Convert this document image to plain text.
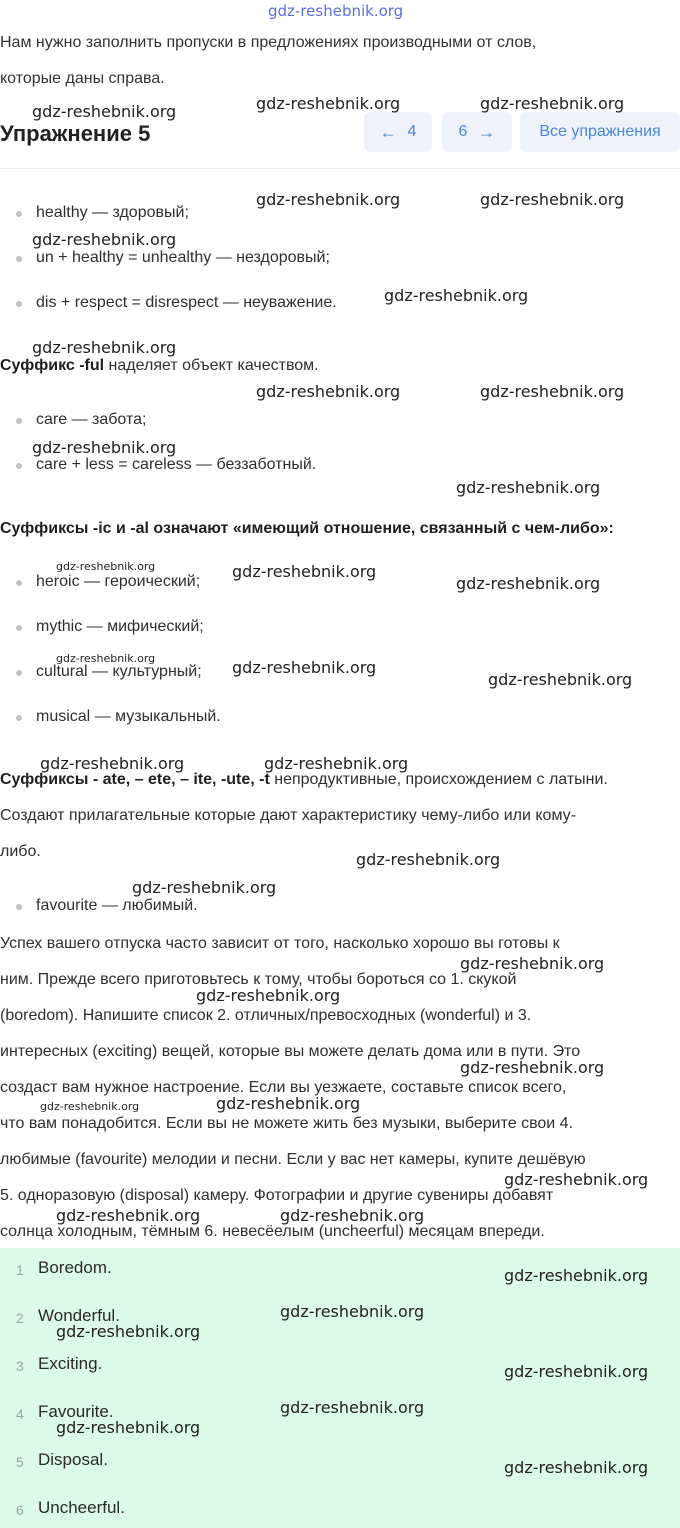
Нам нужно заполнить пропуски в предложениях производными от слов,
которые даны справа.
Упражнение 5	← 4	6 →	Все упражнения
healthy — здоровый;
un + healthy = unhealthy — нездоровый;
dis + respect = disrespect — неуважение.
Суффикс -ful наделяет объект качеством.
care — забота;
care + less = careless — беззаботный.
Суффиксы -ic и -al означают «имеющий отношение, связанный с чем-либо»:
heroic — героический;
mythic — мифический;
cultural — культурный;
musical — музыкальный.
Суффиксы - ate, – ete, – ite, -ute, -t непродуктивные, происхождением с латыни.
Создают прилагательные которые дают характеристику чему-либо или кому-
либо.
favourite — любимый.
Успех вашего отпуска часто зависит от того, насколько хорошо вы готовы к
ним. Прежде всего приготовьтесь к тому, чтобы бороться со 1. скукой
(boredom). Напишите список 2. отличных/превосходных (wonderful) и 3.
интересных (exciting) вещей, которые вы можете делать дома или в пути. Это
создаст вам нужное настроение. Если вы уезжаете, составьте список всего,
что вам понадобится. Если вы не можете жить без музыки, выберите свои 4.
любимые (favourite) мелодии и песни. Если у вас нет камеры, купите дешёвую
5. одноразовую (disposal) камеру. Фотографии и другие сувениры добавят
солнца холодным, тёмным 6. невесёелым (uncheerful) месяцам впереди.
1 Boredom.
2 Wonderful.
3 Exciting.
4 Favourite.
5 Disposal.
6 Uncheerful.
gdz-reshebnik.org
gdz-reshebnik.org	gdz-reshebnik.org	gdz-reshebnik.org
gdz-reshebnik.org	gdz-reshebnik.org
gdz-reshebnik.org
gdz-reshebnik.org
gdz-reshebnik.org
gdz-reshebnik.org	gdz-reshebnik.org
gdz-reshebnik.org
gdz-reshebnik.org
gdz-reshebnik.org	gdz-reshebnik.org
gdz-reshebnik.org
gdz-reshebnik.org	gdz-reshebnik.org
gdz-reshebnik.org
gdz-reshebnik.org	gdz-reshebnik.org
gdz-reshebnik.org
gdz-reshebnik.org
gdz-reshebnik.org
gdz-reshebnik.org
gdz-reshebnik.org
gdz-reshebnik.org	gdz-reshebnik.org
gdz-reshebnik.org
gdz-reshebnik.org	gdz-reshebnik.org
gdz-reshebnik.org
gdz-reshebnik.org
gdz-reshebnik.org
gdz-reshebnik.org
gdz-reshebnik.org
gdz-reshebnik.org
gdz-reshebnik.org
